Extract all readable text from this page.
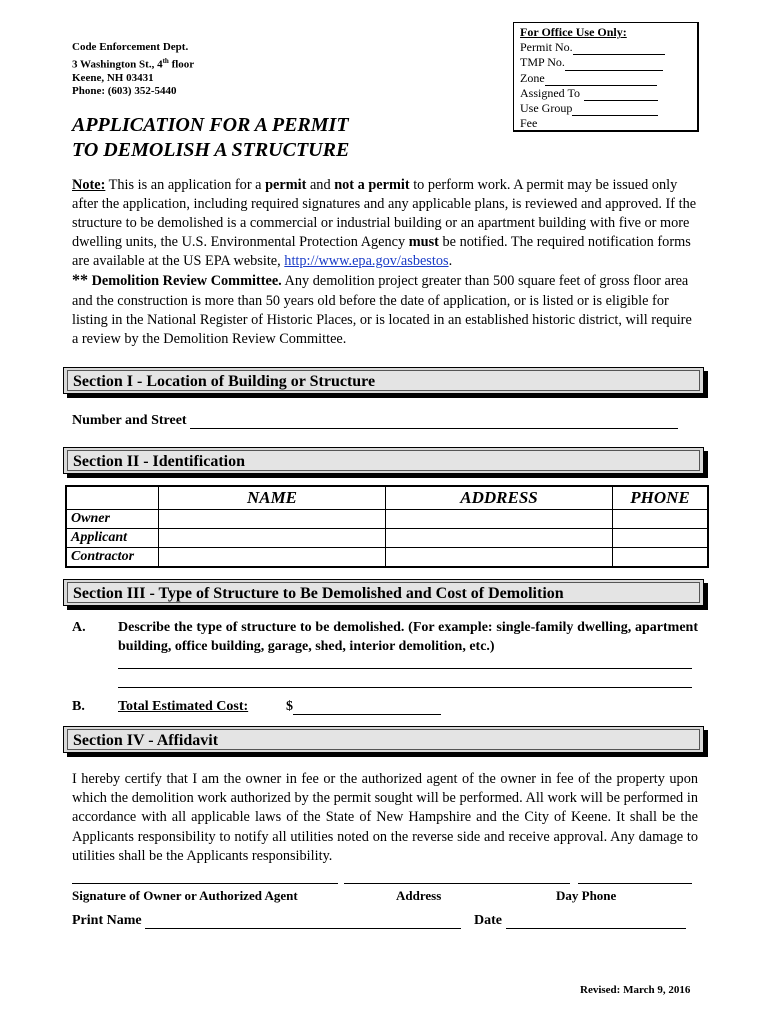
Code Enforcement Dept.
3 Washington St., 4th floor
Keene, NH 03431
Phone: (603) 352-5440
For Office Use Only:
Permit No.
TMP No.
Zone
Assigned To
Use Group
Fee
APPLICATION FOR A PERMIT
TO DEMOLISH A STRUCTURE
Note: This is an application for a permit and not a permit to perform work. A permit may be issued only after the application, including required signatures and any applicable plans, is reviewed and approved. If the structure to be demolished is a commercial or industrial building or an apartment building with five or more dwelling units, the U.S. Environmental Protection Agency must be notified. The required notification forms are available at the US EPA website, http://www.epa.gov/asbestos.
** Demolition Review Committee. Any demolition project greater than 500 square feet of gross floor area and the construction is more than 50 years old before the date of application, or is listed or is eligible for listing in the National Register of Historic Places, or is located in an established historic district, will require a review by the Demolition Review Committee.
Section I - Location of Building or Structure
Number and Street
Section II - Identification
	NAME	ADDRESS	PHONE
Owner			
Applicant			
Contractor			
Section III - Type of Structure to Be Demolished and Cost of Demolition
A. Describe the type of structure to be demolished. (For example: single-family dwelling, apartment building, office building, garage, shed, interior demolition, etc.)
B. Total Estimated Cost:	$
Section IV - Affidavit
I hereby certify that I am the owner in fee or the authorized agent of the owner in fee of the property upon which the demolition work authorized by the permit sought will be performed. All work will be performed in accordance with all applicable laws of the State of New Hampshire and the City of Keene. It shall be the Applicants responsibility to notify all utilities noted on the reverse side and receive approval. Any damage to utilities shall be the Applicants responsibility.
Signature of Owner or Authorized Agent	Address	Day Phone
Print Name	Date
Revised: March 9, 2016
